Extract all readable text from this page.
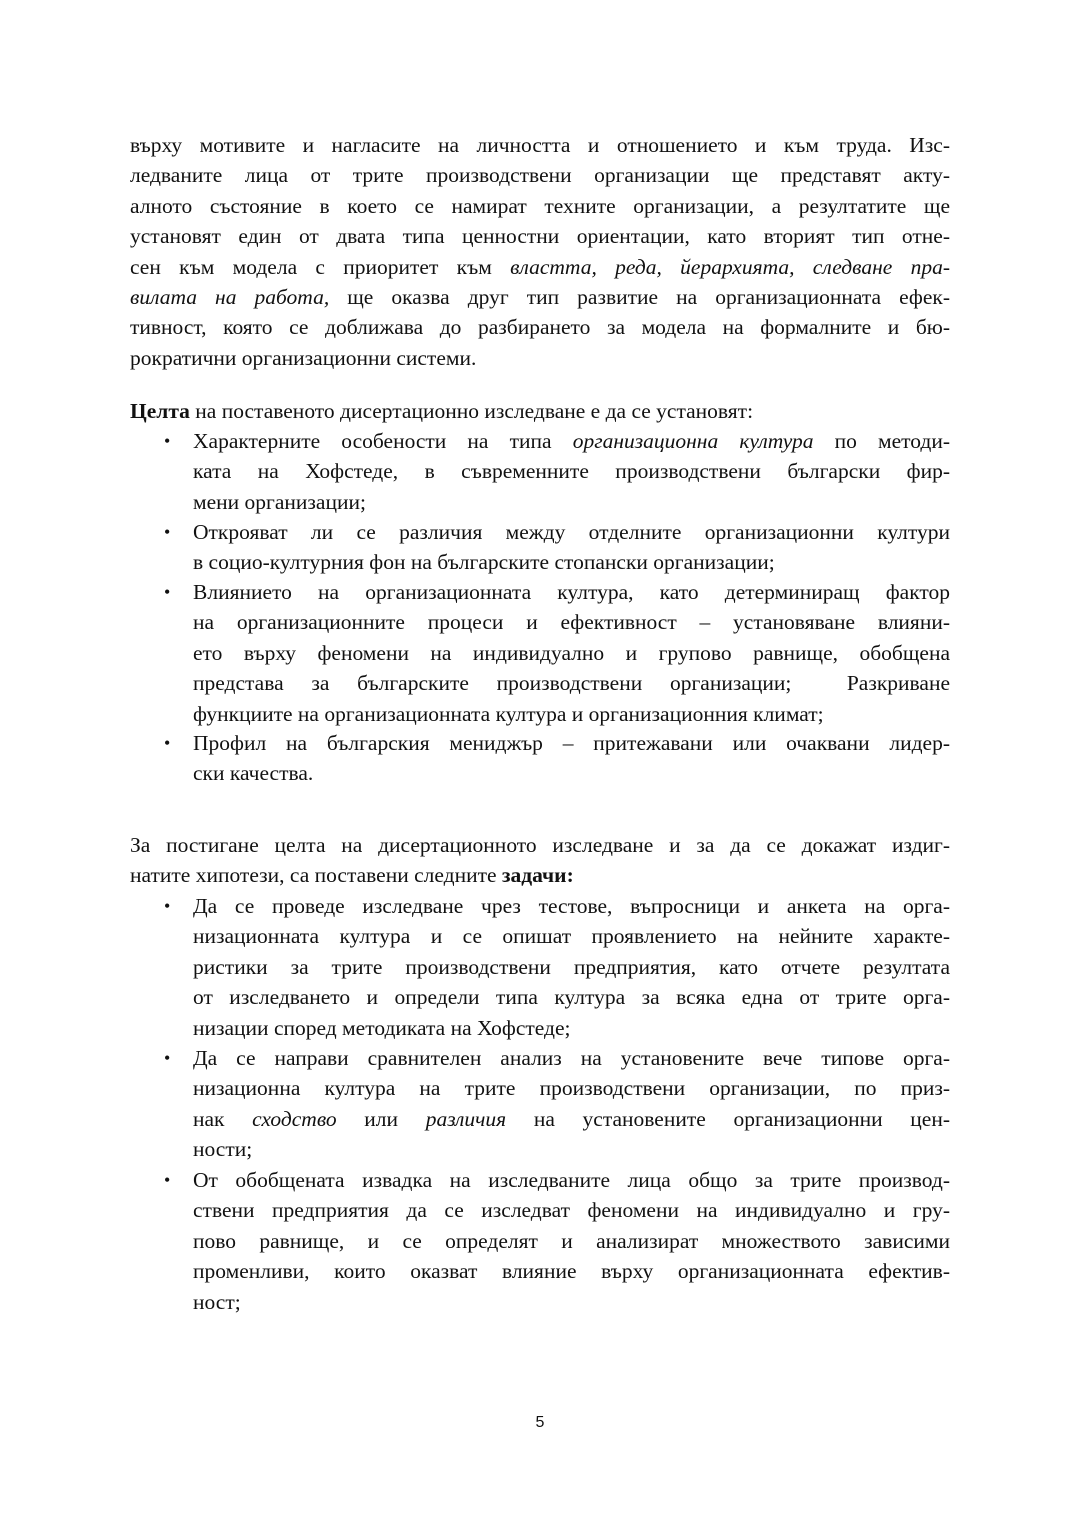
5
върху мотивите и нагласите на личността и отношението и към труда. Изс-
ледваните лица от трите производствени организации ще представят акту-
алното състояние в което се намират техните организации, а резултатите ще
установят един от двата типа ценностни ориентации, като вторият тип отне-
сен към модела с приоритет към властта, реда, йерархията, следване пра-
вилата на работа, ще оказва друг тип развитие на организационната ефек-
тивност, която се доближава до разбирането за модела на формалните и бю-
рократични организационни системи.
Целта на поставеното дисертационно изследване е да се установят:
• Характерните особености на типа организационна култура по методи-
ката на Хофстеде, в съвременните производствени български фир-
мени организации;
• Открояват ли се различия между отделните организационни култури
в социо-културния фон на българските стопански организации;
• Влиянието на организационната култура, като детерминиращ фактор
на организационните процеси и ефективност – установяване влияни-
ето върху феномени на индивидуално и групово равнище, обобщена
представа за българските производствени организации;  Разкриване
функциите на организационната култура и организационния климат;
• Профил на българския мениджър – притежавани или очаквани лидер-
ски качества.
За постигане целта на дисертационното изследване и за да се докажат издиг-
натите хипотези, са поставени следните задачи:
• Да се проведе изследване чрез тестове, въпросници и анкета на орга-
низационната култура и се опишат проявлението на нейните характе-
ристики за трите производствени предприятия, като отчете резултата
от изследването и определи типа култура за всяка една от трите орга-
низации според методиката на Хофстеде;
• Да се направи сравнителен анализ на установените вече типове орга-
низационна култура на трите производствени организации, по приз-
нак сходство или различия на установените организационни цен-
ности;
• От обобщената извадка на изследваните лица общо за трите производ-
ствени предприятия да се изследват феномени на индивидуално и гру-
пово равнище, и се определят и анализират множеството зависими
променливи, които оказват влияние върху организационната ефектив-
ност;
